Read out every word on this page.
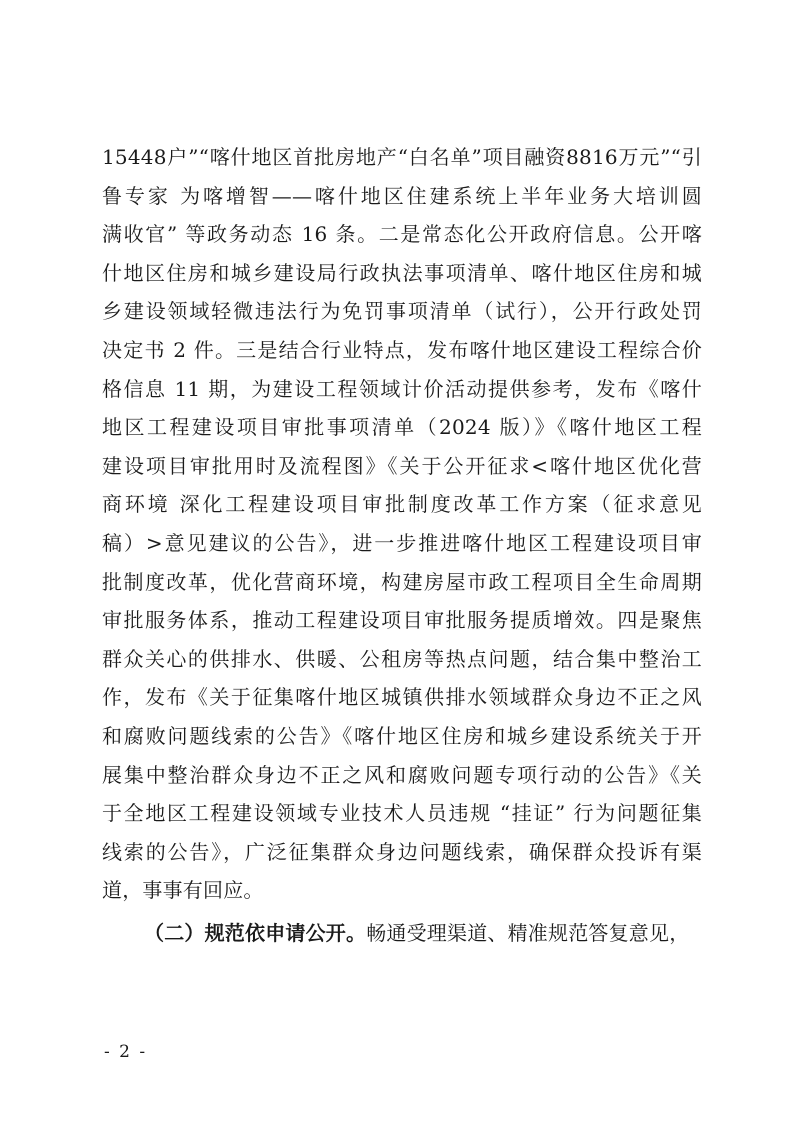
15448户”“喀什地区首批房地产“白名单”项目融资8816万元”“引
鲁专家 为喀增智——喀什地区住建系统上半年业务大培训圆
满收官” 等政务动态 16 条。二是常态化公开政府信息。公开喀
什地区住房和城乡建设局行政执法事项清单、喀什地区住房和城
乡建设领域轻微违法行为免罚事项清单（试行），公开行政处罚
决定书 2 件。三是结合行业特点，发布喀什地区建设工程综合价
格信息 11 期，为建设工程领域计价活动提供参考，发布《喀什
地区工程建设项目审批事项清单（2024 版）》《喀什地区工程
建设项目审批用时及流程图》《关于公开征求<喀什地区优化营
商环境 深化工程建设项目审批制度改革工作方案（征求意见
稿）>意见建议的公告》，进一步推进喀什地区工程建设项目审
批制度改革，优化营商环境，构建房屋市政工程项目全生命周期
审批服务体系，推动工程建设项目审批服务提质增效。四是聚焦
群众关心的供排水、供暖、公租房等热点问题，结合集中整治工
作，发布《关于征集喀什地区城镇供排水领域群众身边不正之风
和腐败问题线索的公告》《喀什地区住房和城乡建设系统关于开
展集中整治群众身边不正之风和腐败问题专项行动的公告》《关
于全地区工程建设领域专业技术人员违规 “挂证” 行为问题征集
线索的公告》，广泛征集群众身边问题线索，确保群众投诉有渠
道，事事有回应。
（二）规范依申请公开。畅通受理渠道、精准规范答复意见，
- 2 -
